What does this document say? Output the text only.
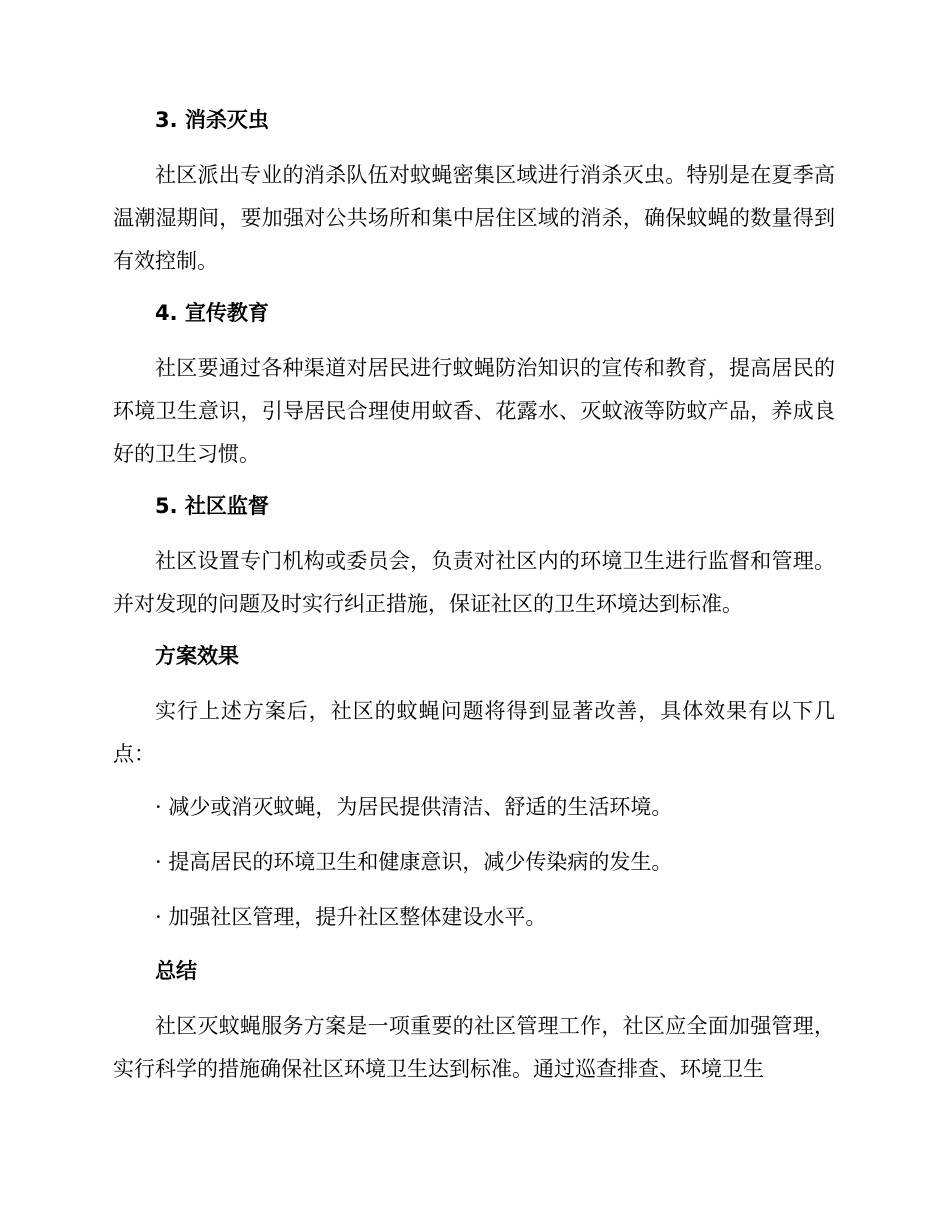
3. 消杀灭虫

社区派出专业的消杀队伍对蚊蝇密集区域进行消杀灭虫。特别是在夏季高温潮湿期间，要加强对公共场所和集中居住区域的消杀，确保蚊蝇的数量得到有效控制。

4. 宣传教育

社区要通过各种渠道对居民进行蚊蝇防治知识的宣传和教育，提高居民的环境卫生意识，引导居民合理使用蚊香、花露水、灭蚊液等防蚊产品，养成良好的卫生习惯。

5. 社区监督

社区设置专门机构或委员会，负责对社区内的环境卫生进行监督和管理。并对发现的问题及时实行纠正措施，保证社区的卫生环境达到标准。

方案效果

实行上述方案后，社区的蚊蝇问题将得到显著改善，具体效果有以下几点：

· 减少或消灭蚊蝇，为居民提供清洁、舒适的生活环境。
· 提高居民的环境卫生和健康意识，减少传染病的发生。
· 加强社区管理，提升社区整体建设水平。
总结

社区灭蚊蝇服务方案是一项重要的社区管理工作，社区应全面加强管理，实行科学的措施确保社区环境卫生达到标准。通过巡查排查、环境卫生
